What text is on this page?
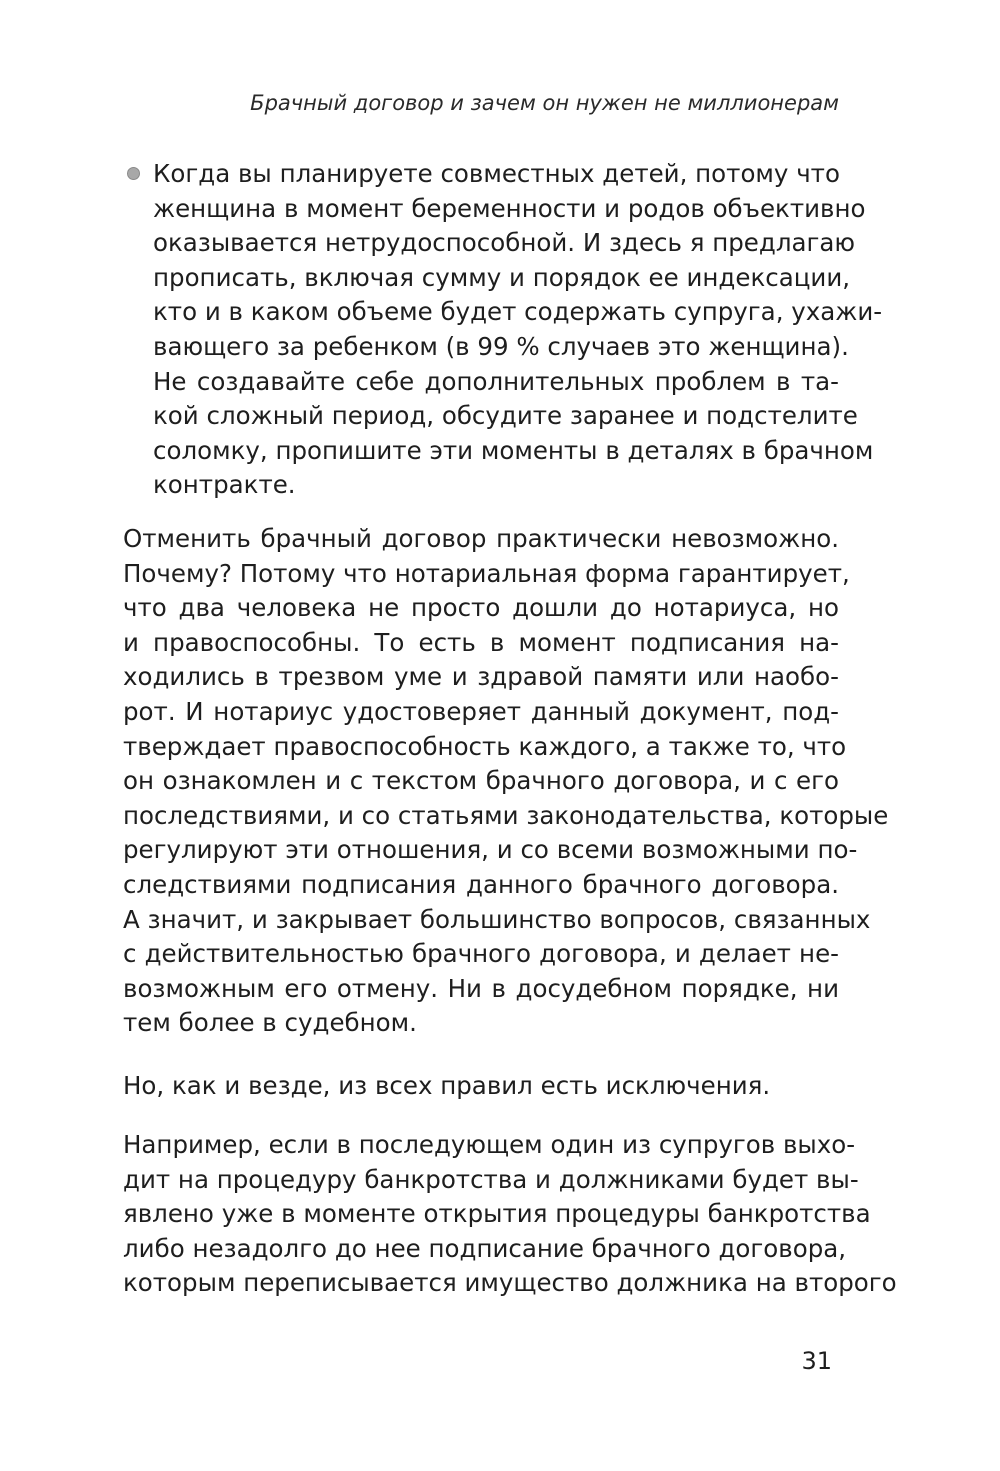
Брачный договор и зачем он нужен не миллионерам
Когда вы планируете совместных детей, потому что
женщина в момент беременности и родов объективно
оказывается нетрудоспособной. И здесь я предлагаю
прописать, включая сумму и порядок ее индексации,
кто и в каком объеме будет содержать супруга, ухажи-
вающего за ребенком (в 99 % случаев это женщина).
Не создавайте себе дополнительных проблем в та-
кой сложный период, обсудите заранее и подстелите
соломку, пропишите эти моменты в деталях в брачном
контракте.
Отменить брачный договор практически невозможно.
Почему? Потому что нотариальная форма гарантирует,
что два человека не просто дошли до нотариуса, но
и правоспособны. То есть в момент подписания на-
ходились в трезвом уме и здравой памяти или наобо-
рот. И нотариус удостоверяет данный документ, под-
тверждает правоспособность каждого, а также то, что
он ознакомлен и с текстом брачного договора, и с его
последствиями, и со статьями законодательства, которые
регулируют эти отношения, и со всеми возможными по-
следствиями подписания данного брачного договора.
А значит, и закрывает большинство вопросов, связанных
с действительностью брачного договора, и делает не-
возможным его отмену. Ни в досудебном порядке, ни
тем более в судебном.
Но, как и везде, из всех правил есть исключения.
Например, если в последующем один из супругов выхо-
дит на процедуру банкротства и должниками будет вы-
явлено уже в моменте открытия процедуры банкротства
либо незадолго до нее подписание брачного договора,
которым переписывается имущество должника на второго
31
